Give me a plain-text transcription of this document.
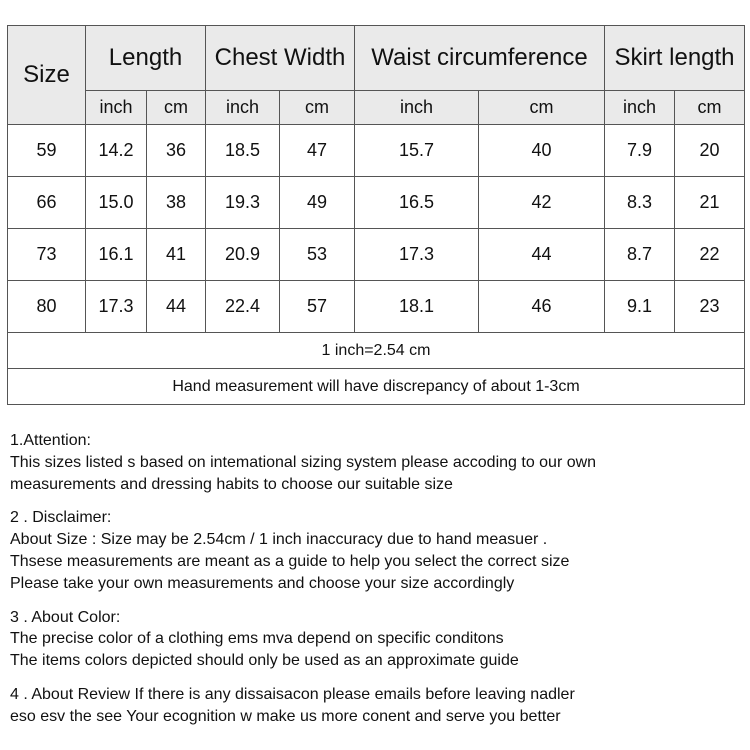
Size	Length		Chest Width		Waist circumference		Skirt length	
	inch	cm	inch	cm	inch	cm	inch	cm
59	14.2	36	18.5	47	15.7	40	7.9	20
66	15.0	38	19.3	49	16.5	42	8.3	21
73	16.1	41	20.9	53	17.3	44	8.7	22
80	17.3	44	22.4	57	18.1	46	9.1	23
1 inch=2.54 cm								
Hand measurement will have discrepancy of about 1-3cm								

1.Attention:

This sizes listed s based on intemational sizing system please accoding to our own

measurements and dressing habits to choose our suitable size

2 . Disclaimer:

About Size : Size may be 2.54cm / 1 inch inaccuracy due to hand measuer .

Thsese measurements are meant as a guide to help you select the correct size

Please take your own measurements and choose your size accordingly

3 . About Color:

The precise color of a clothing ems mva depend on specific conditons

The items colors depicted should only be used as an approximate guide

4 . About Review If there is any dissaisacon please emails before leaving nadler

eso esv the see Your ecognition w make us more conent and serve you better
